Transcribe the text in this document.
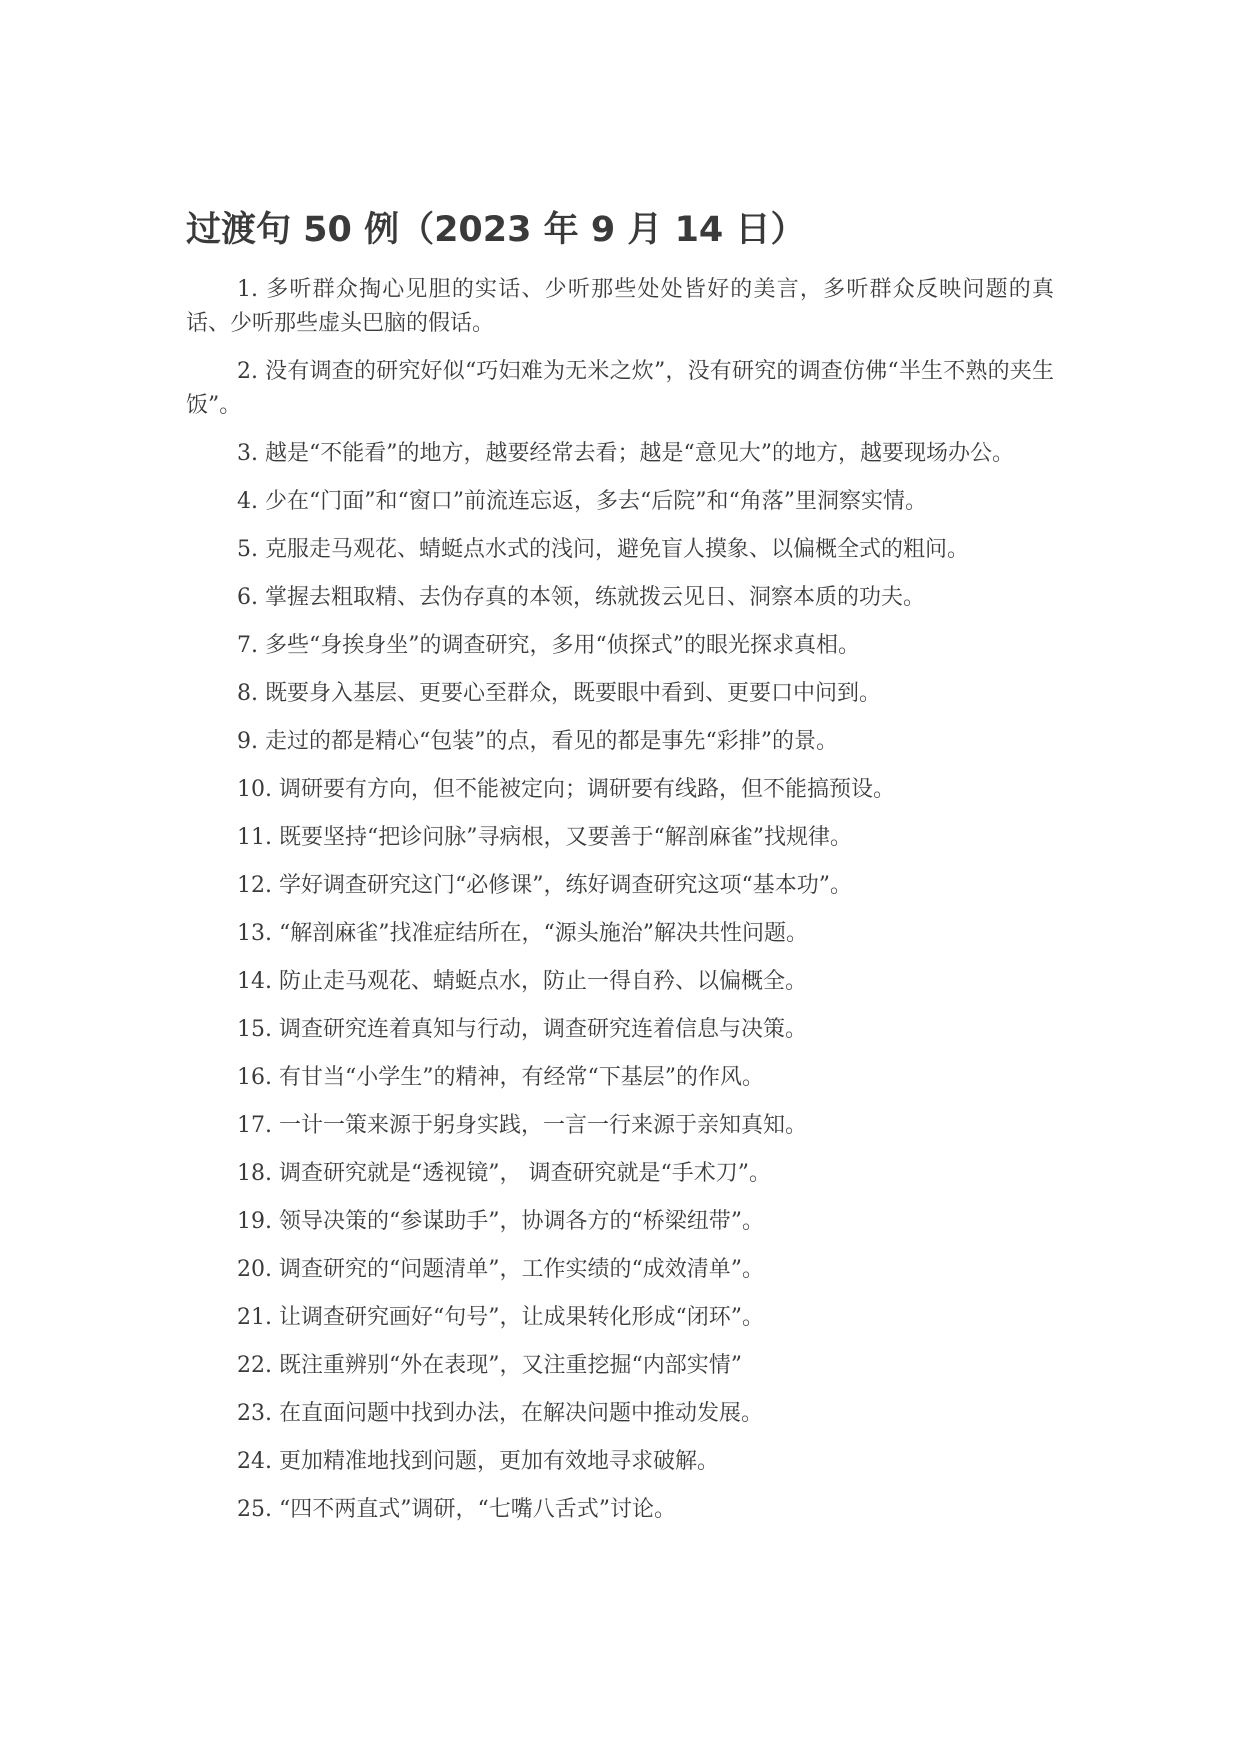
过渡句 50 例（2023 年 9 月 14 日）

1. 多听群众掏心见胆的实话、少听那些处处皆好的美言，多听群众反映问题的真话、少听那些虚头巴脑的假话。

2. 没有调查的研究好似“巧妇难为无米之炊”，没有研究的调查仿佛“半生不熟的夹生饭”。

3. 越是“不能看”的地方，越要经常去看；越是“意见大”的地方，越要现场办公。

4. 少在“门面”和“窗口”前流连忘返，多去“后院”和“角落”里洞察实情。

5. 克服走马观花、蜻蜓点水式的浅问，避免盲人摸象、以偏概全式的粗问。

6. 掌握去粗取精、去伪存真的本领，练就拨云见日、洞察本质的功夫。

7. 多些“身挨身坐”的调查研究，多用“侦探式”的眼光探求真相。

8. 既要身入基层、更要心至群众，既要眼中看到、更要口中问到。

9. 走过的都是精心“包装”的点，看见的都是事先“彩排”的景。

10. 调研要有方向，但不能被定向；调研要有线路，但不能搞预设。

11. 既要坚持“把诊问脉”寻病根，又要善于“解剖麻雀”找规律。

12. 学好调查研究这门“必修课”，练好调查研究这项“基本功”。

13. “解剖麻雀”找准症结所在，“源头施治”解决共性问题。

14. 防止走马观花、蜻蜓点水，防止一得自矜、以偏概全。

15. 调查研究连着真知与行动，调查研究连着信息与决策。

16. 有甘当“小学生”的精神，有经常“下基层”的作风。

17. 一计一策来源于躬身实践，一言一行来源于亲知真知。

18. 调查研究就是“透视镜”， 调查研究就是“手术刀”。

19. 领导决策的“参谋助手”，协调各方的“桥梁纽带”。

20. 调查研究的“问题清单”，工作实绩的“成效清单”。

21. 让调查研究画好“句号”，让成果转化形成“闭环”。

22. 既注重辨别“外在表现”，又注重挖掘“内部实情”

23. 在直面问题中找到办法，在解决问题中推动发展。

24. 更加精准地找到问题，更加有效地寻求破解。

25. “四不两直式”调研，“七嘴八舌式”讨论。
